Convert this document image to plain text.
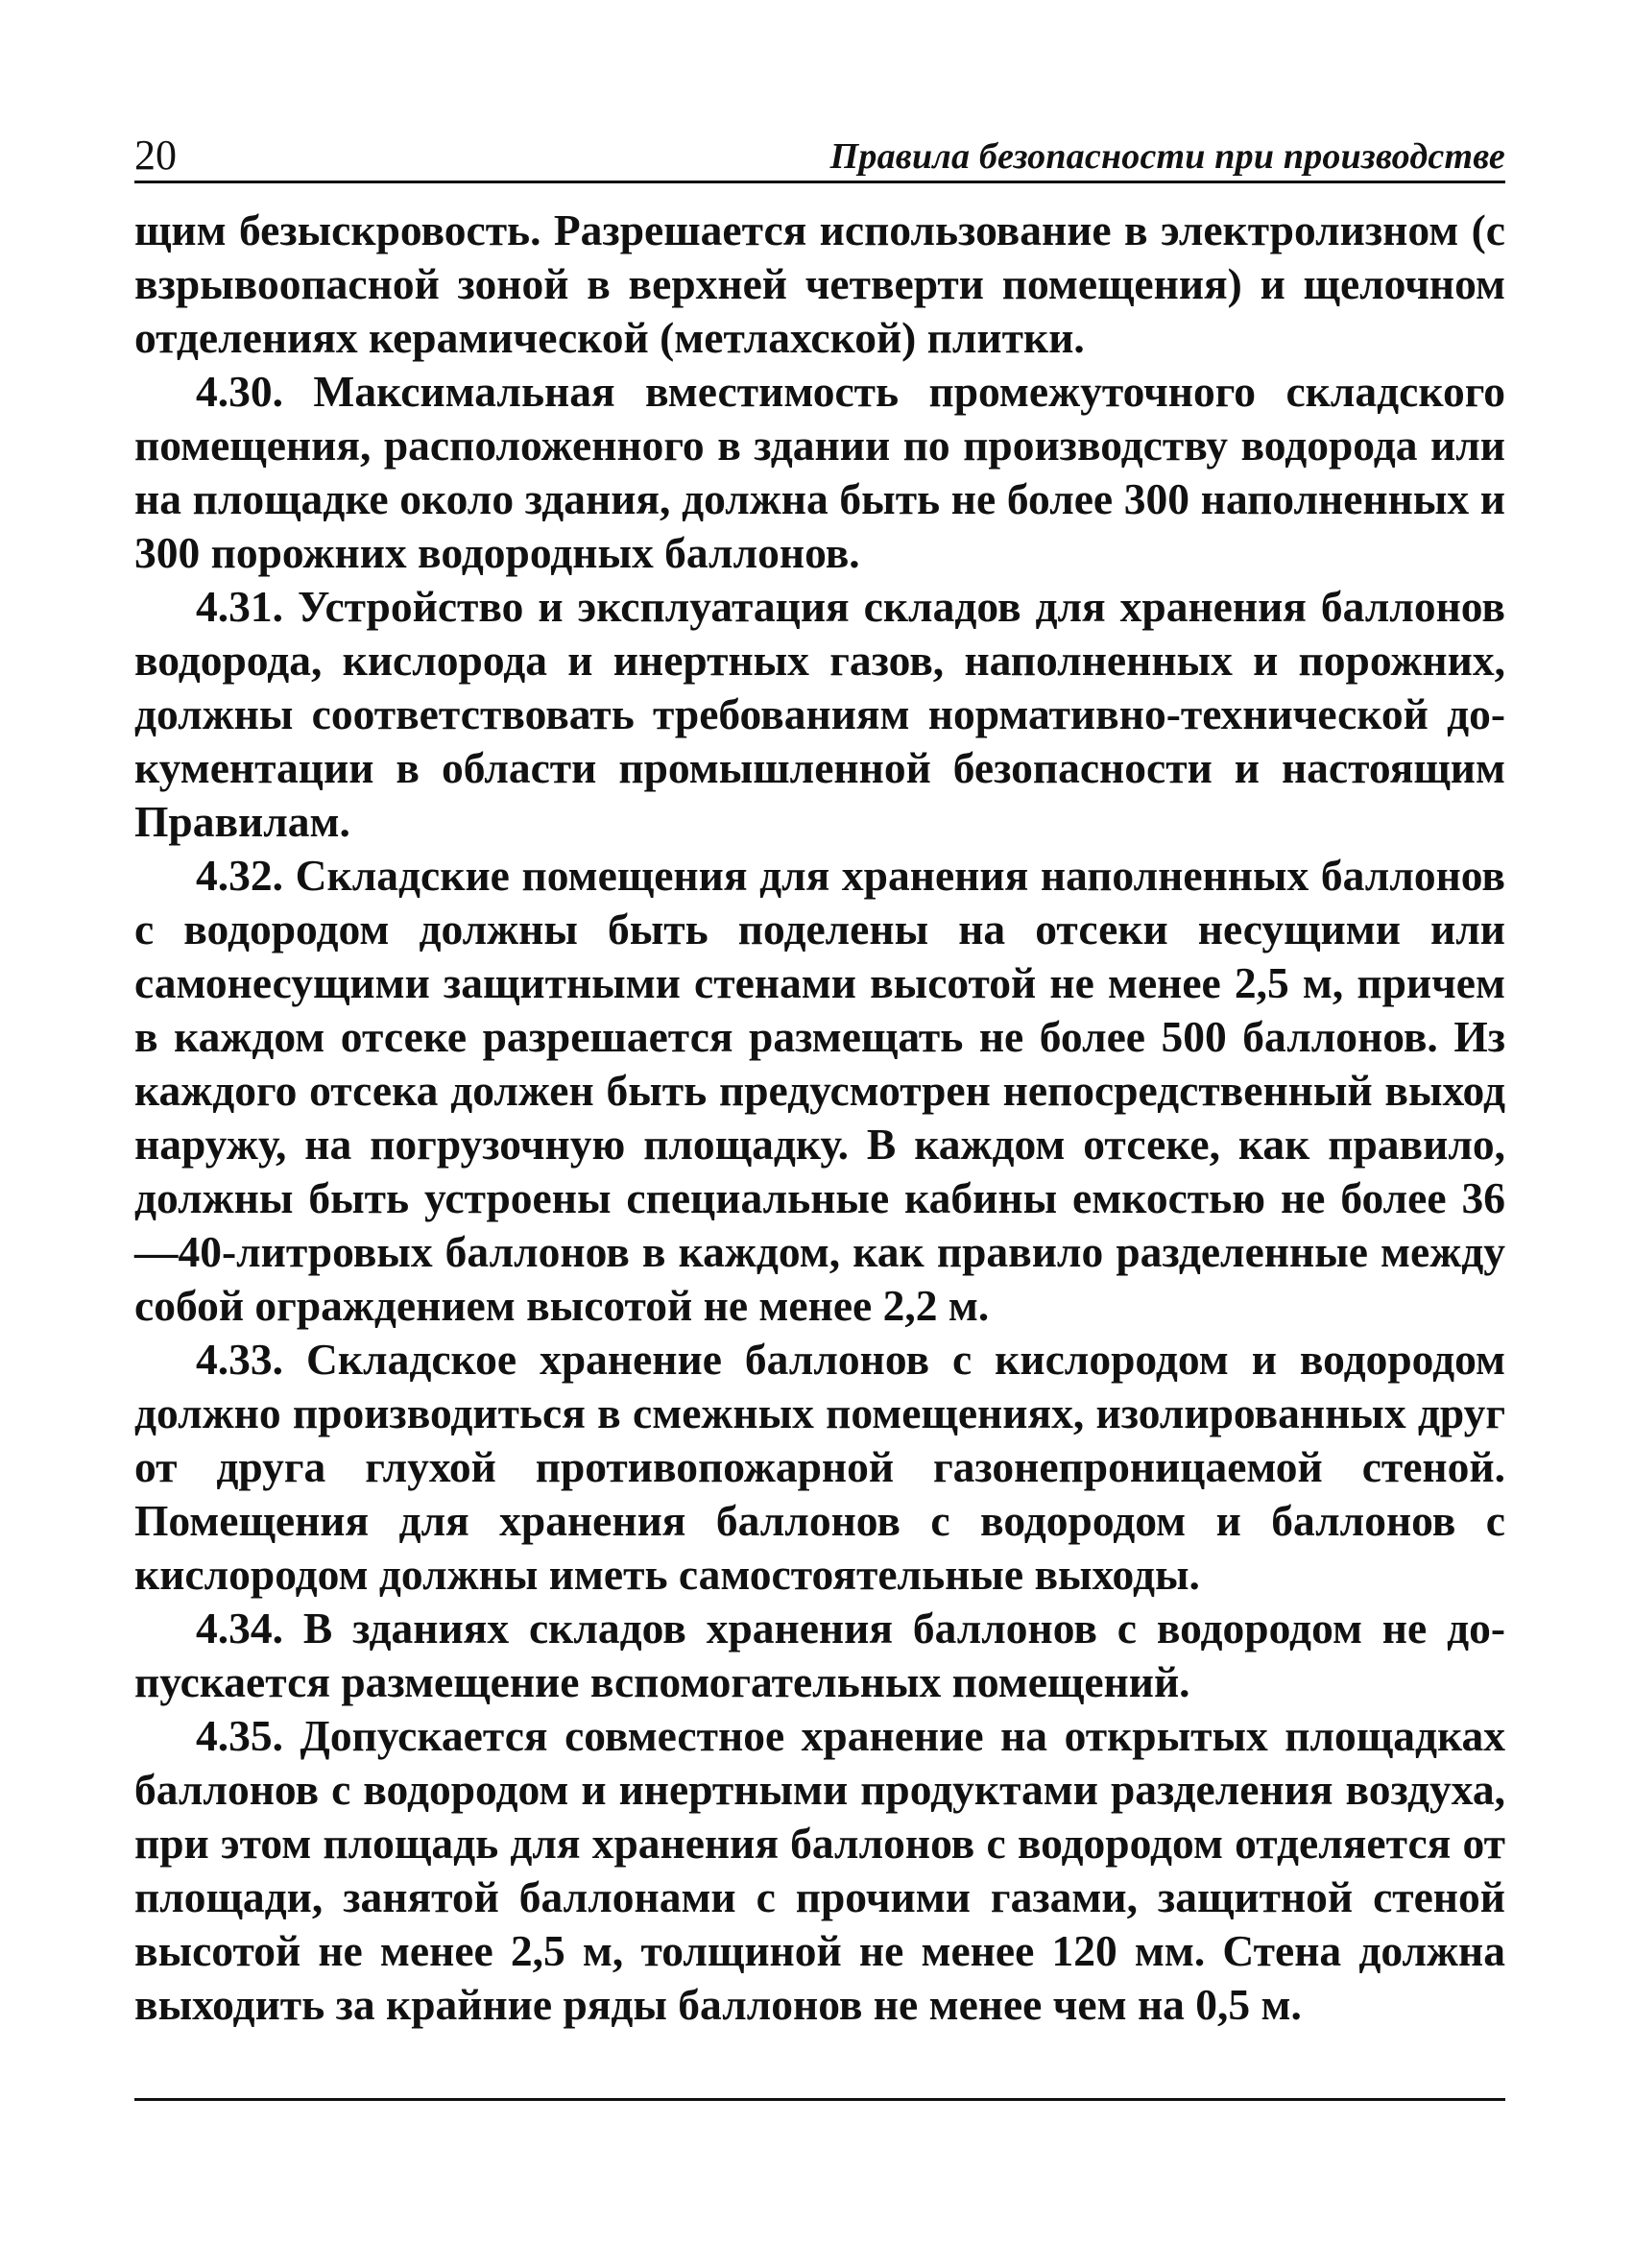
20	Правила безопасности при производстве

щим безыскровость. Разрешается использование в электролизном (с взрывоопасной зоной в верхней четверти помещения) и щелочном отделениях керамической (метлахской) плитки.

4.30. Максимальная вместимость промежуточного складского помещения, расположенного в здании по производству водорода или на площадке около здания, должна быть не более 300 наполненных и 300 порожних водородных баллонов.

4.31. Устройство и эксплуатация складов для хранения баллонов водорода, кислорода и инертных газов, наполненных и порожних, должны соответствовать требованиям нормативно-технической документации в области промышленной безопасности и настоящим Правилам.

4.32. Складские помещения для хранения наполненных баллонов с водородом должны быть поделены на отсеки несущими или самонесущими защитными стенами высотой не менее 2,5 м, причем в каждом отсеке разрешается размещать не более 500 баллонов. Из каждого отсека должен быть предусмотрен непосредственный выход наружу, на погрузочную площадку. В каждом отсеке, как правило, должны быть устроены специальные кабины емкостью не более 36—40-литровых баллонов в каждом, как правило разделенные между собой ограждением высотой не менее 2,2 м.

4.33. Складское хранение баллонов с кислородом и водородом должно производиться в смежных помещениях, изолированных друг от друга глухой противопожарной газонепроницаемой стеной. Помещения для хранения баллонов с водородом и баллонов с кислородом должны иметь самостоятельные выходы.

4.34. В зданиях складов хранения баллонов с водородом не допускается размещение вспомогательных помещений.

4.35. Допускается совместное хранение на открытых площадках баллонов с водородом и инертными продуктами разделения воздуха, при этом площадь для хранения баллонов с водородом отделяется от площади, занятой баллонами с прочими газами, защитной стеной высотой не менее 2,5 м, толщиной не менее 120 мм. Стена должна выходить за крайние ряды баллонов не менее чем на 0,5 м.
